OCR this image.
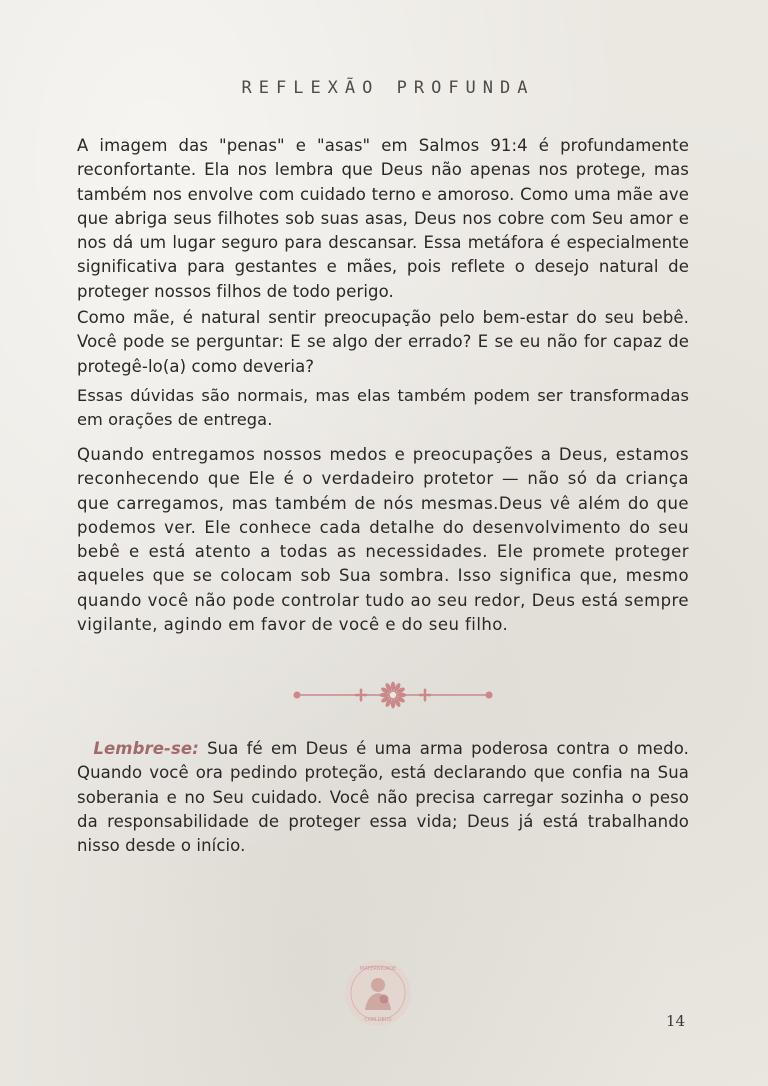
REFLEXÃO PROFUNDA

A imagem das "penas" e "asas" em Salmos 91:4 é profundamente reconfortante. Ela nos lembra que Deus não apenas nos protege, mas também nos envolve com cuidado terno e amoroso. Como uma mãe ave que abriga seus filhotes sob suas asas, Deus nos cobre com Seu amor e nos dá um lugar seguro para descansar. Essa metáfora é especialmente significativa para gestantes e mães, pois reflete o desejo natural de proteger nossos filhos de todo perigo.

Como mãe, é natural sentir preocupação pelo bem-estar do seu bebê. Você pode se perguntar: E se algo der errado? E se eu não for capaz de protegê-lo(a) como deveria?

Essas dúvidas são normais, mas elas também podem ser transformadas em orações de entrega.

Quando entregamos nossos medos e preocupações a Deus, estamos reconhecendo que Ele é o verdadeiro protetor — não só da criança que carregamos, mas também de nós mesmas.Deus vê além do que podemos ver. Ele conhece cada detalhe do desenvolvimento do seu bebê e está atento a todas as necessidades. Ele promete proteger aqueles que se colocam sob Sua sombra. Isso significa que, mesmo quando você não pode controlar tudo ao seu redor, Deus está sempre vigilante, agindo em favor de você e do seu filho.

Lembre-se: Sua fé em Deus é uma arma poderosa contra o medo. Quando você ora pedindo proteção, está declarando que confia na Sua soberania e no Seu cuidado. Você não precisa carregar sozinha o peso da responsabilidade de proteger essa vida; Deus já está trabalhando nisso desde o início.

MATERNIDADE
COM DEUS	14
